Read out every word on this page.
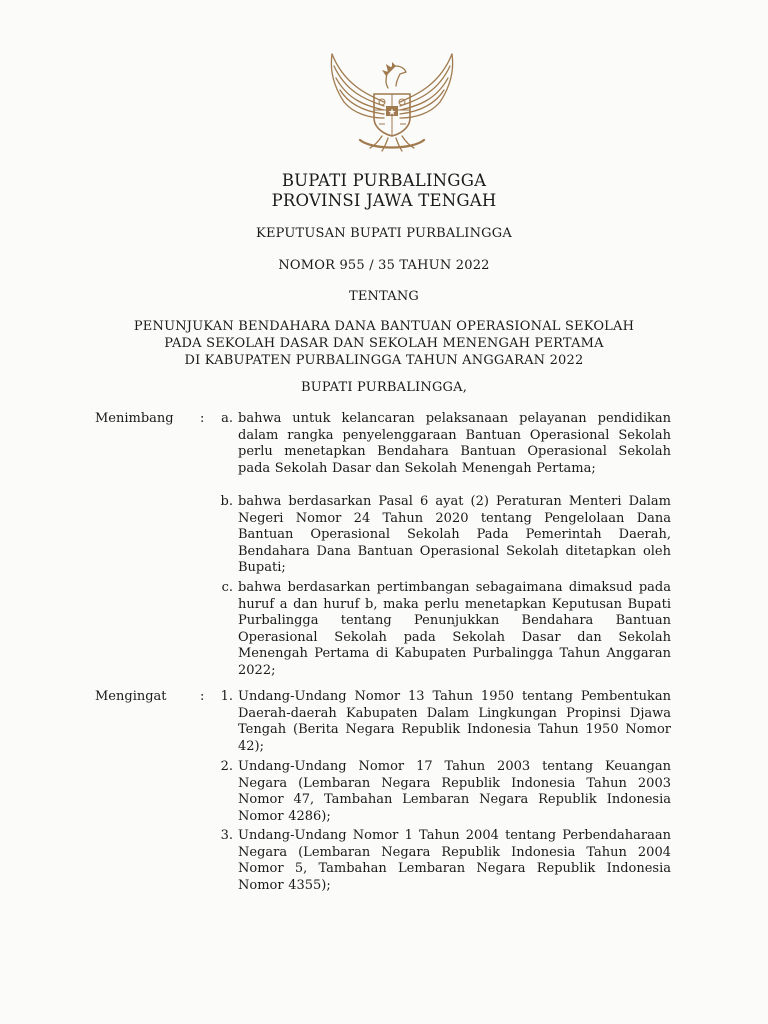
BUPATI PURBALINGGA
PROVINSI JAWA TENGAH
KEPUTUSAN BUPATI PURBALINGGA
NOMOR 955 / 35 TAHUN 2022
TENTANG
PENUNJUKAN BENDAHARA DANA BANTUAN OPERASIONAL SEKOLAH
PADA SEKOLAH DASAR DAN SEKOLAH MENENGAH PERTAMA
DI KABUPATEN PURBALINGGA TAHUN ANGGARAN 2022
BUPATI PURBALINGGA,
Menimbang :	a. bahwa untuk kelancaran pelaksanaan pelayanan pendidikan dalam rangka penyelenggaraan Bantuan Operasional Sekolah perlu menetapkan Bendahara Bantuan Operasional Sekolah pada Sekolah Dasar dan Sekolah Menengah Pertama;
b. bahwa berdasarkan Pasal 6 ayat (2) Peraturan Menteri Dalam Negeri Nomor 24 Tahun 2020 tentang Pengelolaan Dana Bantuan Operasional Sekolah Pada Pemerintah Daerah, Bendahara Dana Bantuan Operasional Sekolah ditetapkan oleh Bupati;
c. bahwa berdasarkan pertimbangan sebagaimana dimaksud pada huruf a dan huruf b, maka perlu menetapkan Keputusan Bupati Purbalingga tentang Penunjukkan Bendahara Bantuan Operasional Sekolah pada Sekolah Dasar dan Sekolah Menengah Pertama di Kabupaten Purbalingga Tahun Anggaran 2022;
Mengingat	:	1. Undang-Undang Nomor 13 Tahun 1950 tentang Pembentukan Daerah-daerah Kabupaten Dalam Lingkungan Propinsi Djawa Tengah (Berita Negara Republik Indonesia Tahun 1950 Nomor 42);
2. Undang-Undang Nomor 17 Tahun 2003 tentang Keuangan Negara (Lembaran Negara Republik Indonesia Tahun 2003 Nomor 47, Tambahan Lembaran Negara Republik Indonesia Nomor 4286);
3. Undang-Undang Nomor 1 Tahun 2004 tentang Perbendaharaan Negara (Lembaran Negara Republik Indonesia Tahun 2004 Nomor 5, Tambahan Lembaran Negara Republik Indonesia Nomor 4355);
